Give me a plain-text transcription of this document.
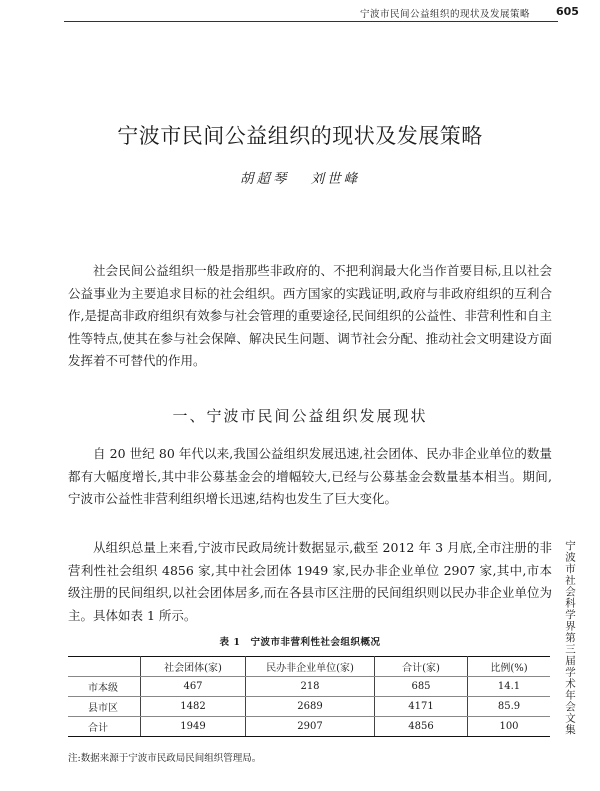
宁波市民间公益组织的现状及发展策略 605
宁波市民间公益组织的现状及发展策略
胡超琴 刘世峰

社会民间公益组织一般是指那些非政府的、不把利润最大化当作首要目标,且以社会公益事业为主要追求目标的社会组织。西方国家的实践证明,政府与非政府组织的互利合作,是提高非政府组织有效参与社会管理的重要途径,民间组织的公益性、非营利性和自主性等特点,使其在参与社会保障、解决民生问题、调节社会分配、推动社会文明建设方面发挥着不可替代的作用。

一、宁波市民间公益组织发展现状

自 20 世纪 80 年代以来,我国公益组织发展迅速,社会团体、民办非企业单位的数量都有大幅度增长,其中非公募基金会的增幅较大,已经与公募基金会数量基本相当。期间,宁波市公益性非营利组织增长迅速,结构也发生了巨大变化。

从组织总量上来看,宁波市民政局统计数据显示,截至 2012 年 3 月底,全市注册的非营利性社会组织 4856 家,其中社会团体 1949 家,民办非企业单位 2907 家,其中,市本级注册的民间组织,以社会团体居多,而在各县市区注册的民间组织则以民办非企业单位为主。具体如表 1 所示。

表 1 宁波市非营利性社会组织概况
	社会团体(家)	民办非企业单位(家)	合计(家)	比例(%)
市本级	467	218	685	14.1
县市区	1482	2689	4171	85.9
合计	1949	2907	4856	100
注:数据来源于宁波市民政局民间组织管理局。
宁波市社会科学界第三届学术年会文集
